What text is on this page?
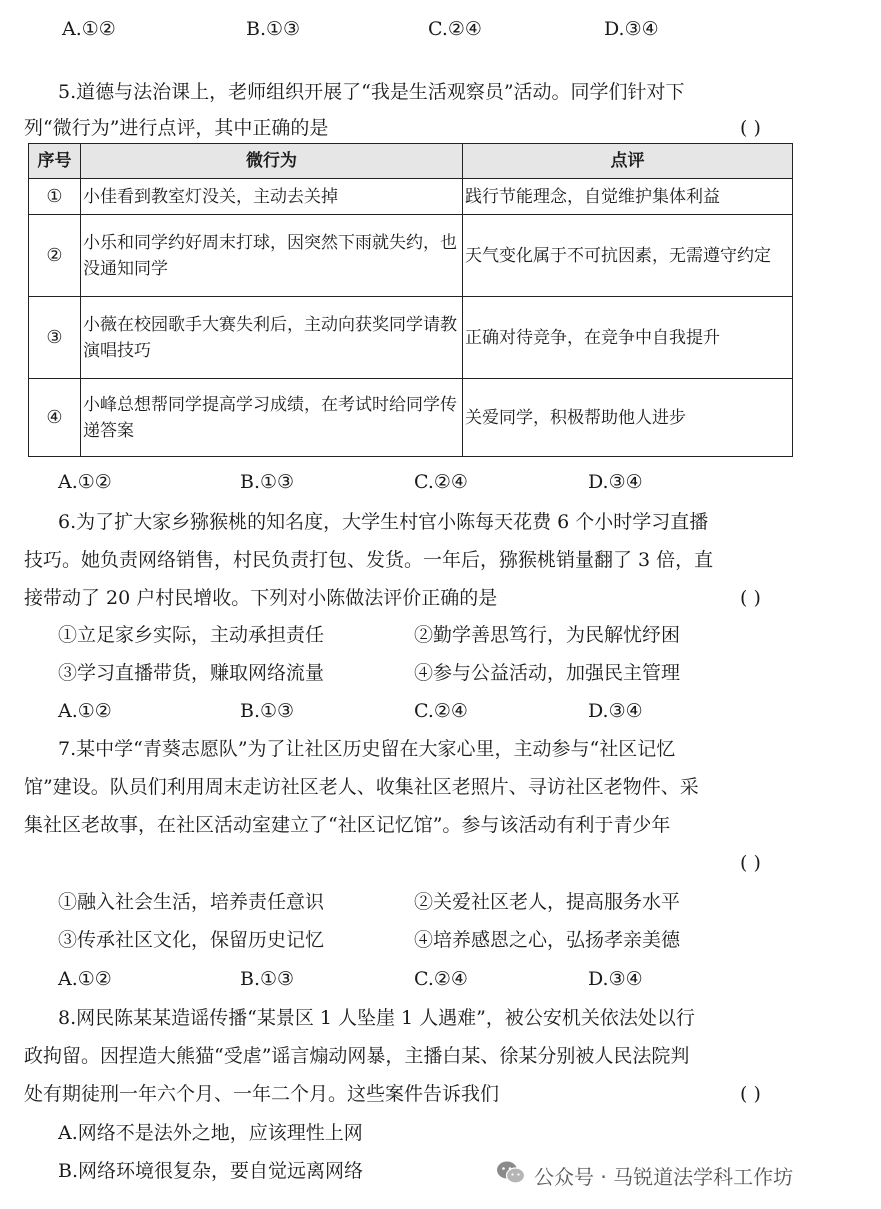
A.①②	B.①③	C.②④	D.③④
5.道德与法治课上，老师组织开展了“我是生活观察员”活动。同学们针对下
列“微行为”进行点评，其中正确的是	( )
序号	微行为	点评
①	小佳看到教室灯没关，主动去关掉	践行节能理念，自觉维护集体利益
②	小乐和同学约好周末打球，因突然下雨就失约，也没通知同学	天气变化属于不可抗因素，无需遵守约定
③	小薇在校园歌手大赛失利后，主动向获奖同学请教演唱技巧	正确对待竞争，在竞争中自我提升
④	小峰总想帮同学提高学习成绩，在考试时给同学传递答案	关爱同学，积极帮助他人进步
A.①②	B.①③	C.②④	D.③④
6.为了扩大家乡猕猴桃的知名度，大学生村官小陈每天花费 6 个小时学习直播
技巧。她负责网络销售，村民负责打包、发货。一年后，猕猴桃销量翻了 3 倍，直
接带动了 20 户村民增收。下列对小陈做法评价正确的是	( )
①立足家乡实际，主动承担责任	②勤学善思笃行，为民解忧纾困
③学习直播带货，赚取网络流量	④参与公益活动，加强民主管理
A.①②	B.①③	C.②④	D.③④
7.某中学“青葵志愿队”为了让社区历史留在大家心里，主动参与“社区记忆
馆”建设。队员们利用周末走访社区老人、收集社区老照片、寻访社区老物件、采
集社区老故事，在社区活动室建立了“社区记忆馆”。参与该活动有利于青少年
( )
①融入社会生活，培养责任意识	②关爱社区老人，提高服务水平
③传承社区文化，保留历史记忆	④培养感恩之心，弘扬孝亲美德
A.①②	B.①③	C.②④	D.③④
8.网民陈某某造谣传播“某景区 1 人坠崖 1 人遇难”，被公安机关依法处以行
政拘留。因捏造大熊猫“受虐”谣言煽动网暴，主播白某、徐某分别被人民法院判
处有期徒刑一年六个月、一年二个月。这些案件告诉我们	( )
A.网络不是法外之地，应该理性上网
B.网络环境很复杂，要自觉远离网络	公众号 · 马锐道法学科工作坊
